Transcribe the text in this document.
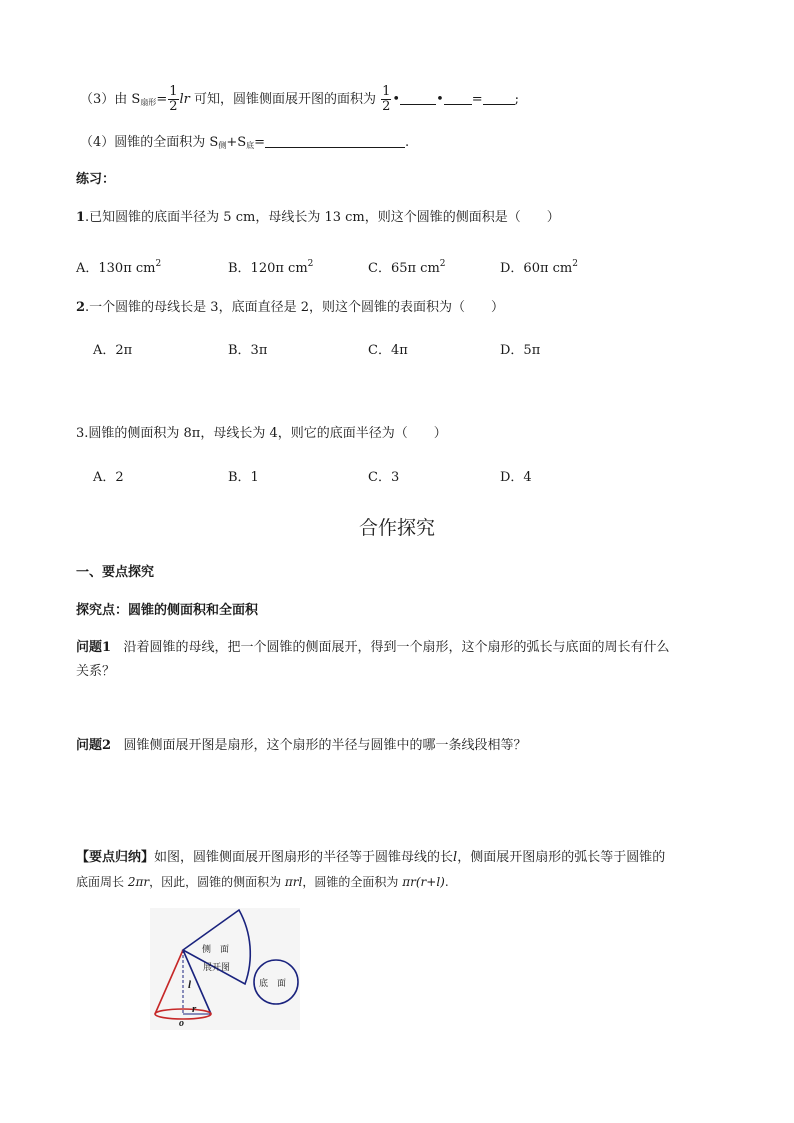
（3）由 $S_{扇形}= \frac{1}{2}$ lr 可知，圆锥侧面展开图的面积为 $\frac{1}{2}$ •	• = ;
（4）圆锥的全面积为 $S_侧+S_底=$	.
练习：
1.已知圆锥的底面半径为 5 cm，母线长为 13 cm，则这个圆锥的侧面积是（　　）
A．130π $cm^2$	B．120π $cm^2$	C．65π $cm^2$	D．60π $cm^2$
2.一个圆锥的母线长是 3，底面直径是 2，则这个圆锥的表面积为（　　）
A．2π	B．3π	C．4π	D．5π
3.圆锥的侧面积为 8π，母线长为 4，则它的底面半径为（　　）
A．2	B．1	C．3	D．4
合作探究
一、要点探究
探究点：圆锥的侧面积和全面积
问题1 沿着圆锥的母线，把一个圆锥的侧面展开，得到一个扇形，这个扇形的弧长与底面的周长有什么
关系？
问题2 圆锥侧面展开图是扇形，这个扇形的半径与圆锥中的哪一条线段相等？
【要点归纳】如图，圆锥侧面展开图扇形的半径等于圆锥母线的长l，侧面展开图扇形的弧长等于圆锥的
底面周长 2πr，因此，圆锥的侧面积为 πrl，圆锥的全面积为 πr(r+l).
侧　面
展开图
底　面
l
r
o
